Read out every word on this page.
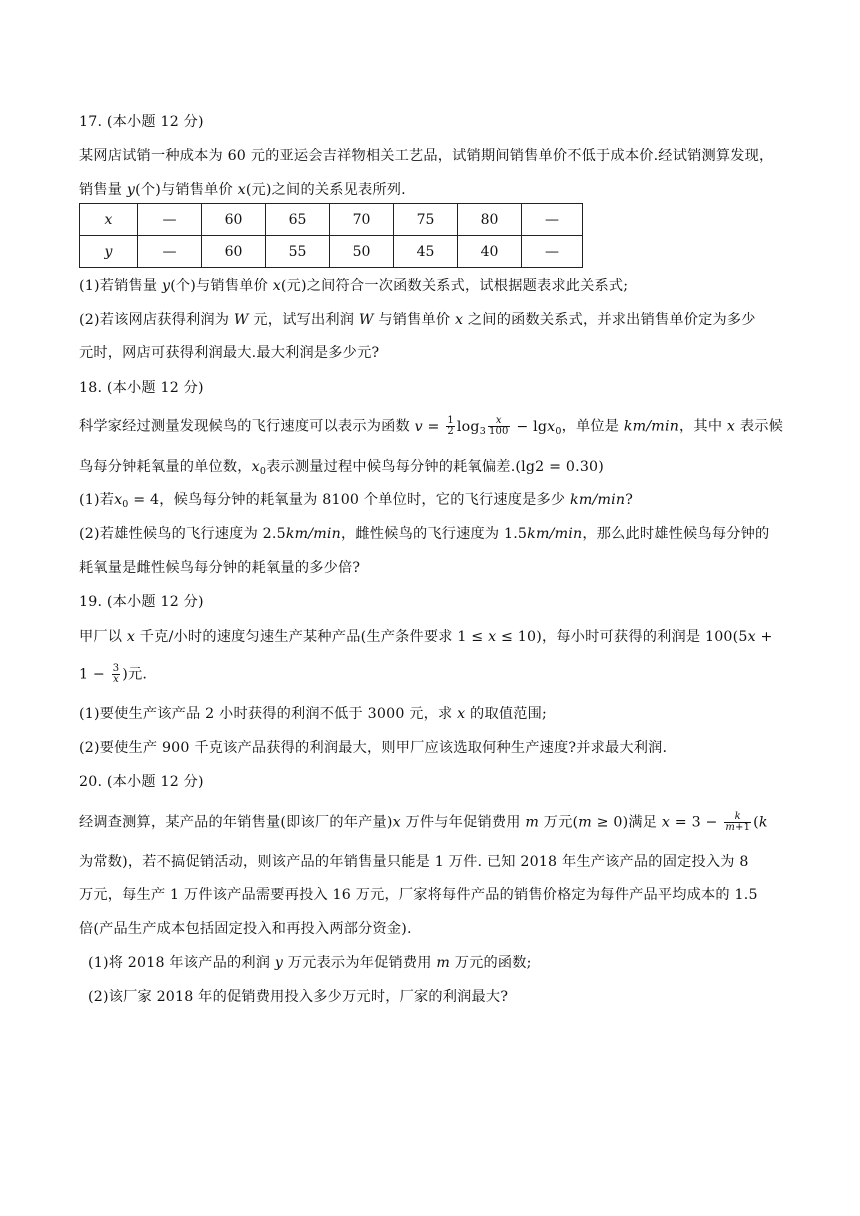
17. (本小题 12 分)
某网店试销一种成本为 60 元的亚运会吉祥物相关工艺品，试销期间销售单价不低于成本价.经试销测算发现，
销售量 y(个)与销售单价 x(元)之间的关系见表所列.
x	—	60	65	70	75	80	—
y	—	60	55	50	45	40	—
(1)若销售量 y(个)与销售单价 x(元)之间符合一次函数关系式，试根据题表求此关系式;
(2)若该网店获得利润为 W 元，试写出利润 W 与销售单价 x 之间的函数关系式，并求出销售单价定为多少
元时，网店可获得利润最大.最大利润是多少元?
18. (本小题 12 分)
科学家经过测量发现候鸟的飞行速度可以表示为函数 $v = \frac{1}{2} \log_3 \frac{x}{100} - \lg x_0$，单位是 km/min，其中 x 表示候
鸟每分钟耗氧量的单位数，$x_0$表示测量过程中候鸟每分钟的耗氧偏差.(lg2 = 0.30)
(1)若$x_0 = 4$，候鸟每分钟的耗氧量为 8100 个单位时，它的飞行速度是多少 km/min?
(2)若雄性候鸟的飞行速度为 2.5km/min，雌性候鸟的飞行速度为 1.5km/min，那么此时雄性候鸟每分钟的
耗氧量是雌性候鸟每分钟的耗氧量的多少倍?
19. (本小题 12 分)
甲厂以 x 千克/小时的速度匀速生产某种产品(生产条件要求 1 ≤ x ≤ 10)，每小时可获得的利润是 100(5x +
$1 - \frac{3}{x}$ )元.
(1)要使生产该产品 2 小时获得的利润不低于 3000 元，求 x 的取值范围;
(2)要使生产 900 千克该产品获得的利润最大，则甲厂应该选取何种生产速度?并求最大利润.
20. (本小题 12 分)
经调查测算，某产品的年销售量(即该厂的年产量)x 万件与年促销费用 m 万元(m ≥ 0)满足 $x = 3 - \frac{k}{m+1} (k$
为常数)，若不搞促销活动，则该产品的年销售量只能是 1 万件. 已知 2018 年生产该产品的固定投入为 8
万元，每生产 1 万件该产品需要再投入 16 万元，厂家将每件产品的销售价格定为每件产品平均成本的 1.5
倍(产品生产成本包括固定投入和再投入两部分资金).
(1)将 2018 年该产品的利润 y 万元表示为年促销费用 m 万元的函数;
(2)该厂家 2018 年的促销费用投入多少万元时，厂家的利润最大?
